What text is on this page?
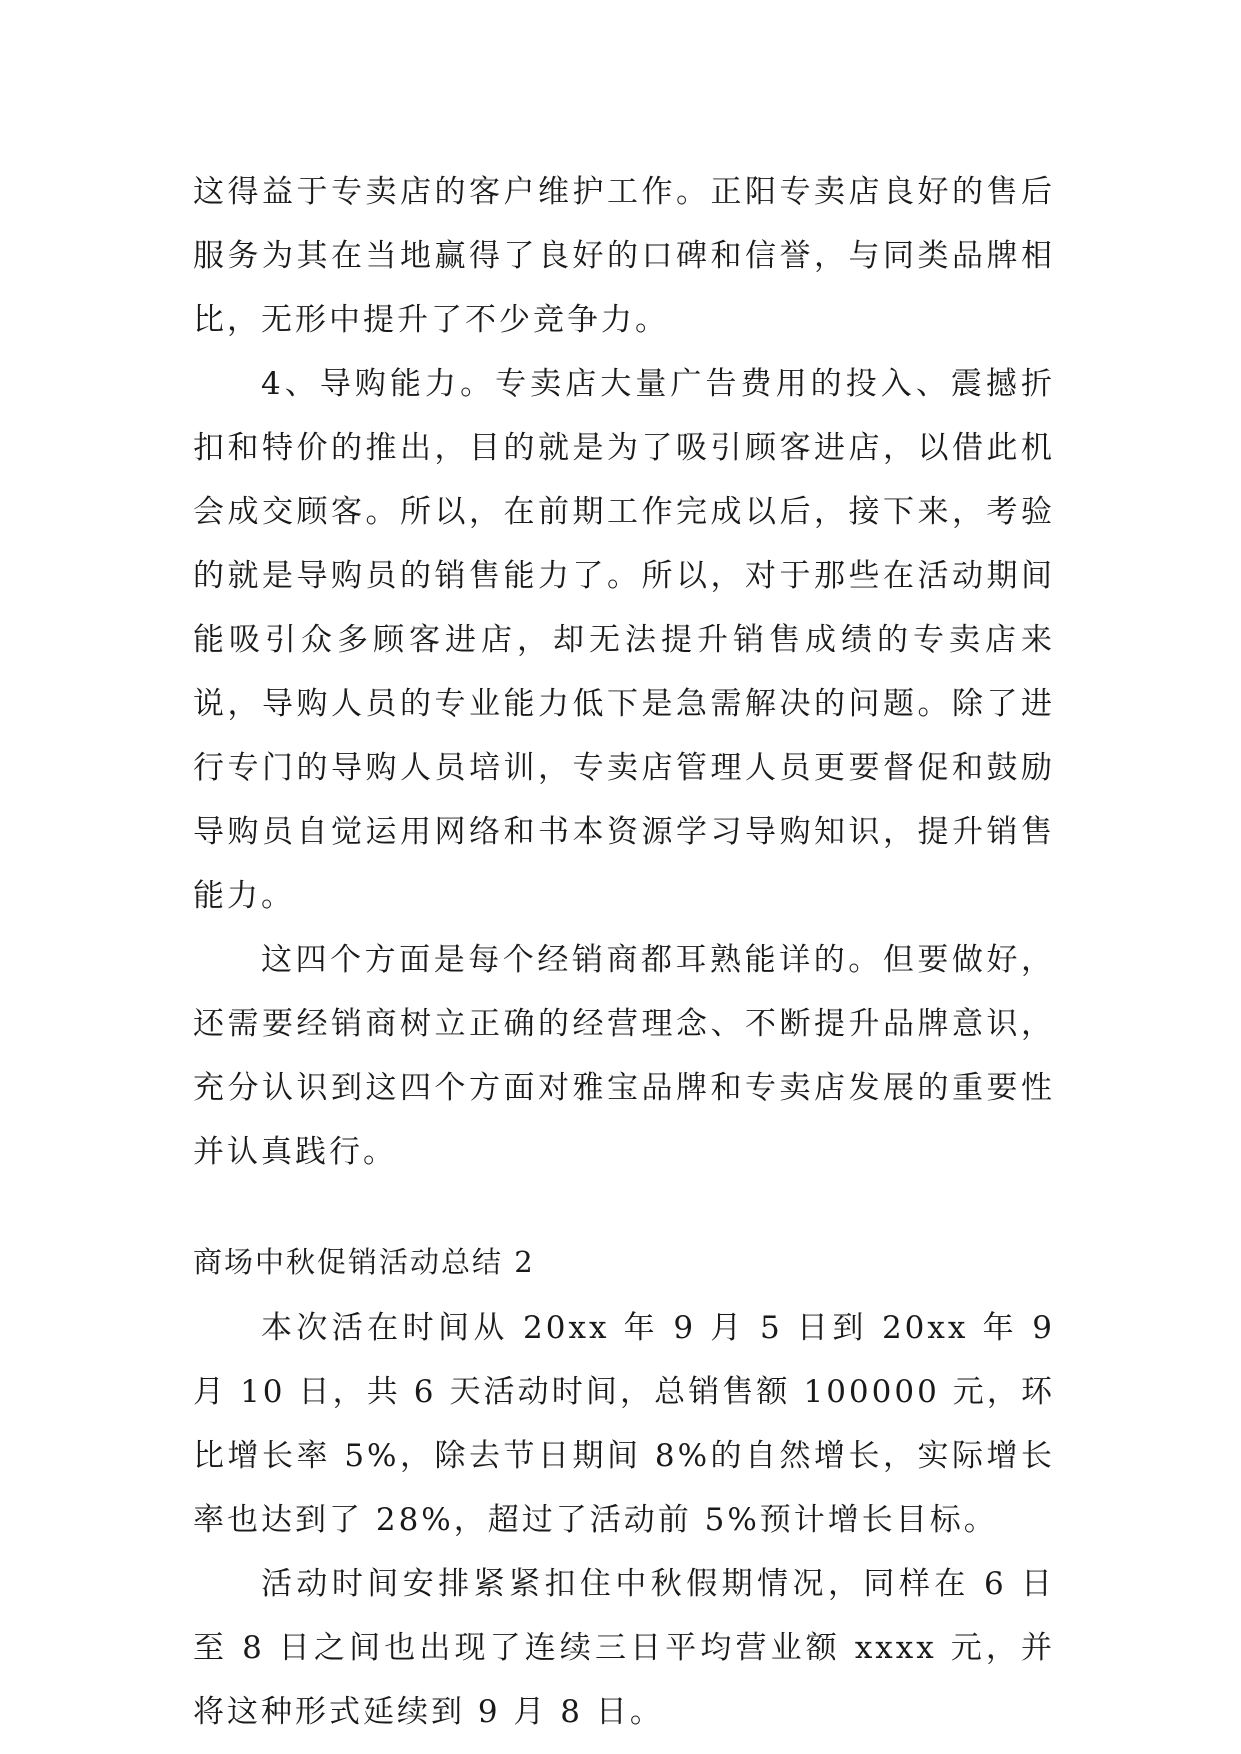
这得益于专卖店的客户维护工作。正阳专卖店良好的售后服务为其在当地赢得了良好的口碑和信誉，与同类品牌相比，无形中提升了不少竞争力。

4、导购能力。专卖店大量广告费用的投入、震撼折扣和特价的推出，目的就是为了吸引顾客进店，以借此机会成交顾客。所以，在前期工作完成以后，接下来，考验的就是导购员的销售能力了。所以，对于那些在活动期间能吸引众多顾客进店，却无法提升销售成绩的专卖店来说，导购人员的专业能力低下是急需解决的问题。除了进行专门的导购人员培训，专卖店管理人员更要督促和鼓励导购员自觉运用网络和书本资源学习导购知识，提升销售能力。

这四个方面是每个经销商都耳熟能详的。但要做好，还需要经销商树立正确的经营理念、不断提升品牌意识，充分认识到这四个方面对雅宝品牌和专卖店发展的重要性并认真践行。

商场中秋促销活动总结 2

本次活在时间从 20xx 年 9 月 5 日到 20xx 年 9 月 10 日，共 6 天活动时间，总销售额 100000 元，环比增长率 5%，除去节日期间 8%的自然增长，实际增长率也达到了 28%，超过了活动前 5%预计增长目标。

活动时间安排紧紧扣住中秋假期情况，同样在 6 日至 8 日之间也出现了连续三日平均营业额 xxxx 元，并将这种形式延续到 9 月 8 日。
